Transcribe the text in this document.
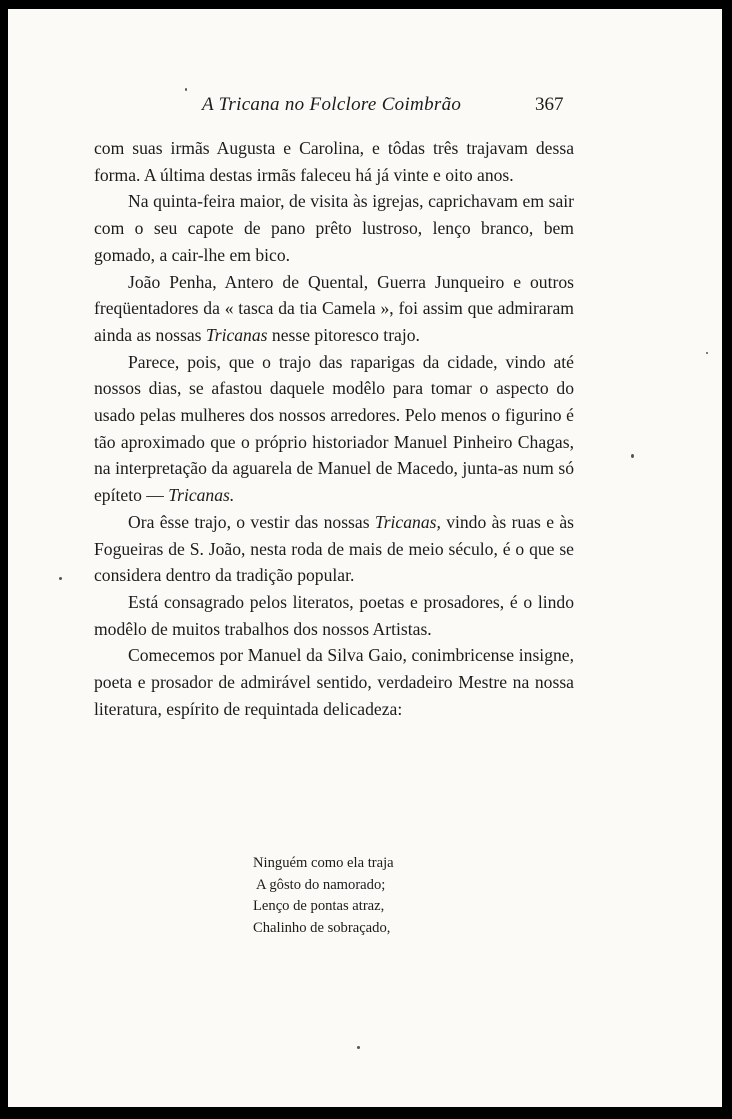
A Tricana no Folclore Coimbrão	367

com suas irmãs Augusta e Carolina, e tôdas três trajavam dessa forma. A última destas irmãs faleceu há já vinte e oito anos.

Na quinta-feira maior, de visita às igrejas, caprichavam em sair com o seu capote de pano prêto lustroso, lenço branco, bem gomado, a cair-lhe em bico.

João Penha, Antero de Quental, Guerra Junqueiro e outros freqüentadores da « tasca da tia Camela », foi assim que admiraram ainda as nossas Tricanas nesse pitoresco trajo.

Parece, pois, que o trajo das raparigas da cidade, vindo até nossos dias, se afastou daquele modêlo para tomar o aspecto do usado pelas mulheres dos nossos arredores. Pelo menos o figurino é tão aproximado que o próprio historiador Manuel Pinheiro Chagas, na interpretação da aguarela de Manuel de Macedo, junta-as num só epíteto — Tricanas.

Ora êsse trajo, o vestir das nossas Tricanas, vindo às ruas e às Fogueiras de S. João, nesta roda de mais de meio século, é o que se considera dentro da tradição popular.

Está consagrado pelos literatos, poetas e prosadores, é o lindo modêlo de muitos trabalhos dos nossos Artistas.

Comecemos por Manuel da Silva Gaio, conimbricense insigne, poeta e prosador de admirável sentido, verdadeiro Mestre na nossa literatura, espírito de requintada delicadeza:

Ninguém como ela traja
A gôsto do namorado;
Lenço de pontas atraz,
Chalinho de sobraçado,
